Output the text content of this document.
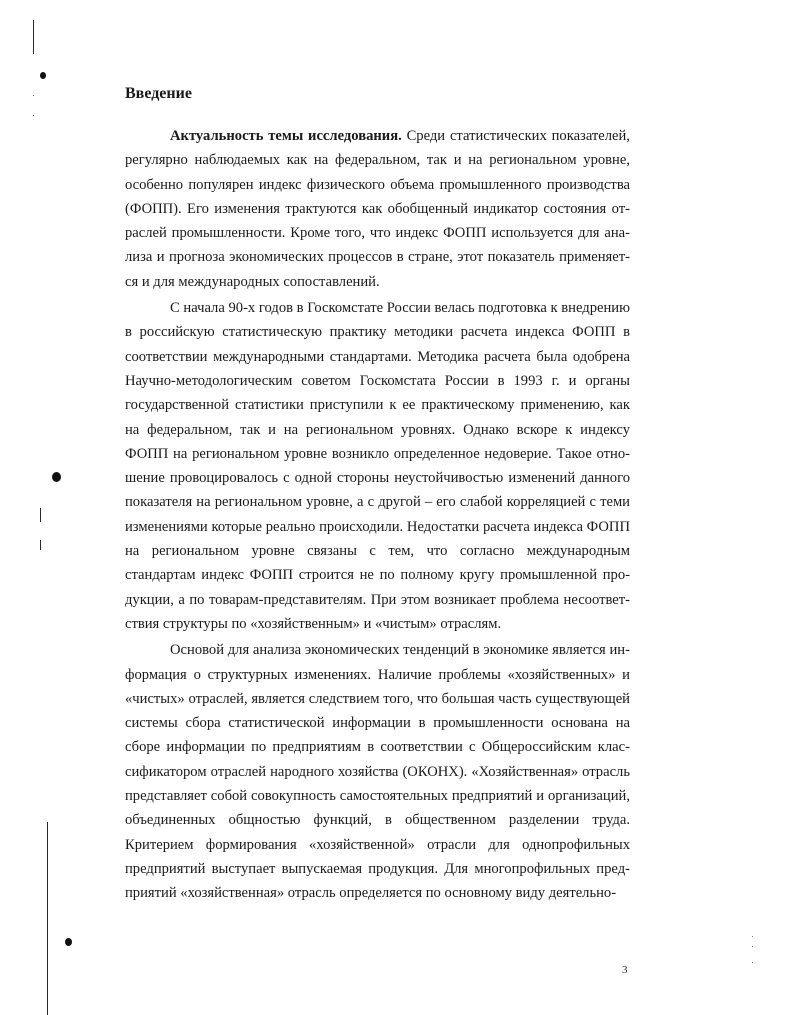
Введение

Актуальность темы исследования. Среди статистических показателей, регулярно наблюдаемых как на федеральном, так и на региональном уровне, особенно популярен индекс физического объема промышленного производства (ФОПП). Его изменения трактуются как обобщенный индикатор состояния отраслей промышленности. Кроме того, что индекс ФОПП используется для анализа и прогноза экономических процессов в стране, этот показатель применяется и для международных сопоставлений.

С начала 90-х годов в Госкомстате России велась подготовка к внедрению в российскую статистическую практику методики расчета индекса ФОПП в соответствии международными стандартами. Методика расчета была одобрена Научно-методологическим советом Госкомстата России в 1993 г. и органы государственной статистики приступили к ее практическому применению, как на федеральном, так и на региональном уровнях. Однако вскоре к индексу ФОПП на региональном уровне возникло определенное недоверие. Такое отношение провоцировалось с одной стороны неустойчивостью изменений данного показателя на региональном уровне, а с другой – его слабой корреляцией с теми изменениями которые реально происходили. Недостатки расчета индекса ФОПП на региональном уровне связаны с тем, что согласно международным стандартам индекс ФОПП строится не по полному кругу промышленной продукции, а по товарам-представителям. При этом возникает проблема несоответствия структуры по «хозяйственным» и «чистым» отраслям.

Основой для анализа экономических тенденций в экономике является информация о структурных изменениях. Наличие проблемы «хозяйственных» и «чистых» отраслей, является следствием того, что большая часть существующей системы сбора статистической информации в промышленности основана на сборе информации по предприятиям в соответствии с Общероссийским классификатором отраслей народного хозяйства (ОКОНХ). «Хозяйственная» отрасль представляет собой совокупность самостоятельных предприятий и организаций, объединенных общностью функций, в общественном разделении труда. Критерием формирования «хозяйственной» отрасли для однопрофильных предприятий выступает выпускаемая продукция. Для многопрофильных предприятий «хозяйственная» отрасль определяется по основному виду деятельно-

3
